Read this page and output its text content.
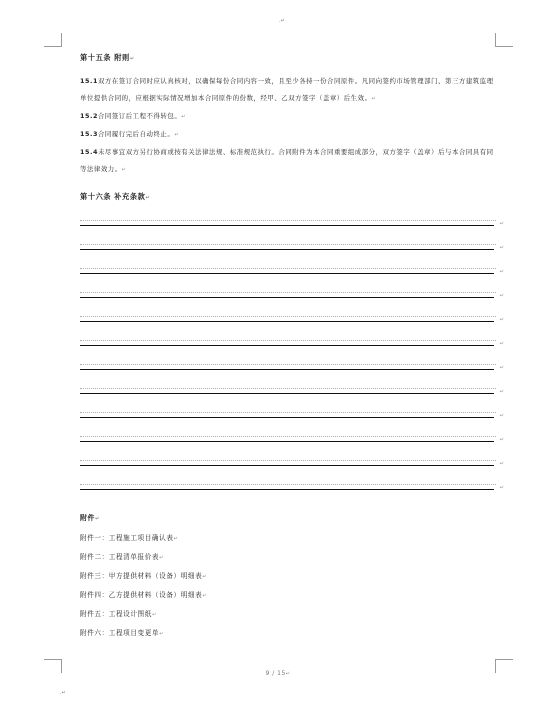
.↵
第十五条 附则↵
15.1双方在签订合同时应认真核对，以确保每份合同内容一致，且至少各持一份合同原件。凡同向签约市场管理部门、第三方建筑监理单位提供合同的，应根据实际情况增加本合同原件的份数，经甲、乙双方签字（盖章）后生效。↵
15.2合同签订后工程不得转包。↵
15.3合同履行完后自动终止。↵
15.4未尽事宜双方另行协商或按有关法律法规、标准规范执行。合同附件为本合同重要组成部分，双方签字（盖章）后与本合同具有同等法律效力。↵
第十六条 补充条款↵
↵
↵
↵
↵
↵
↵
↵
↵
↵
↵
↵
↵
附件↵
附件一：工程施工项目确认表↵
附件二：工程清单报价表↵
附件三：甲方提供材料（设备）明细表↵
附件四：乙方提供材料（设备）明细表↵
附件五：工程设计图纸↵
附件六：工程项目变更单↵
9 / 15↵
.↵
